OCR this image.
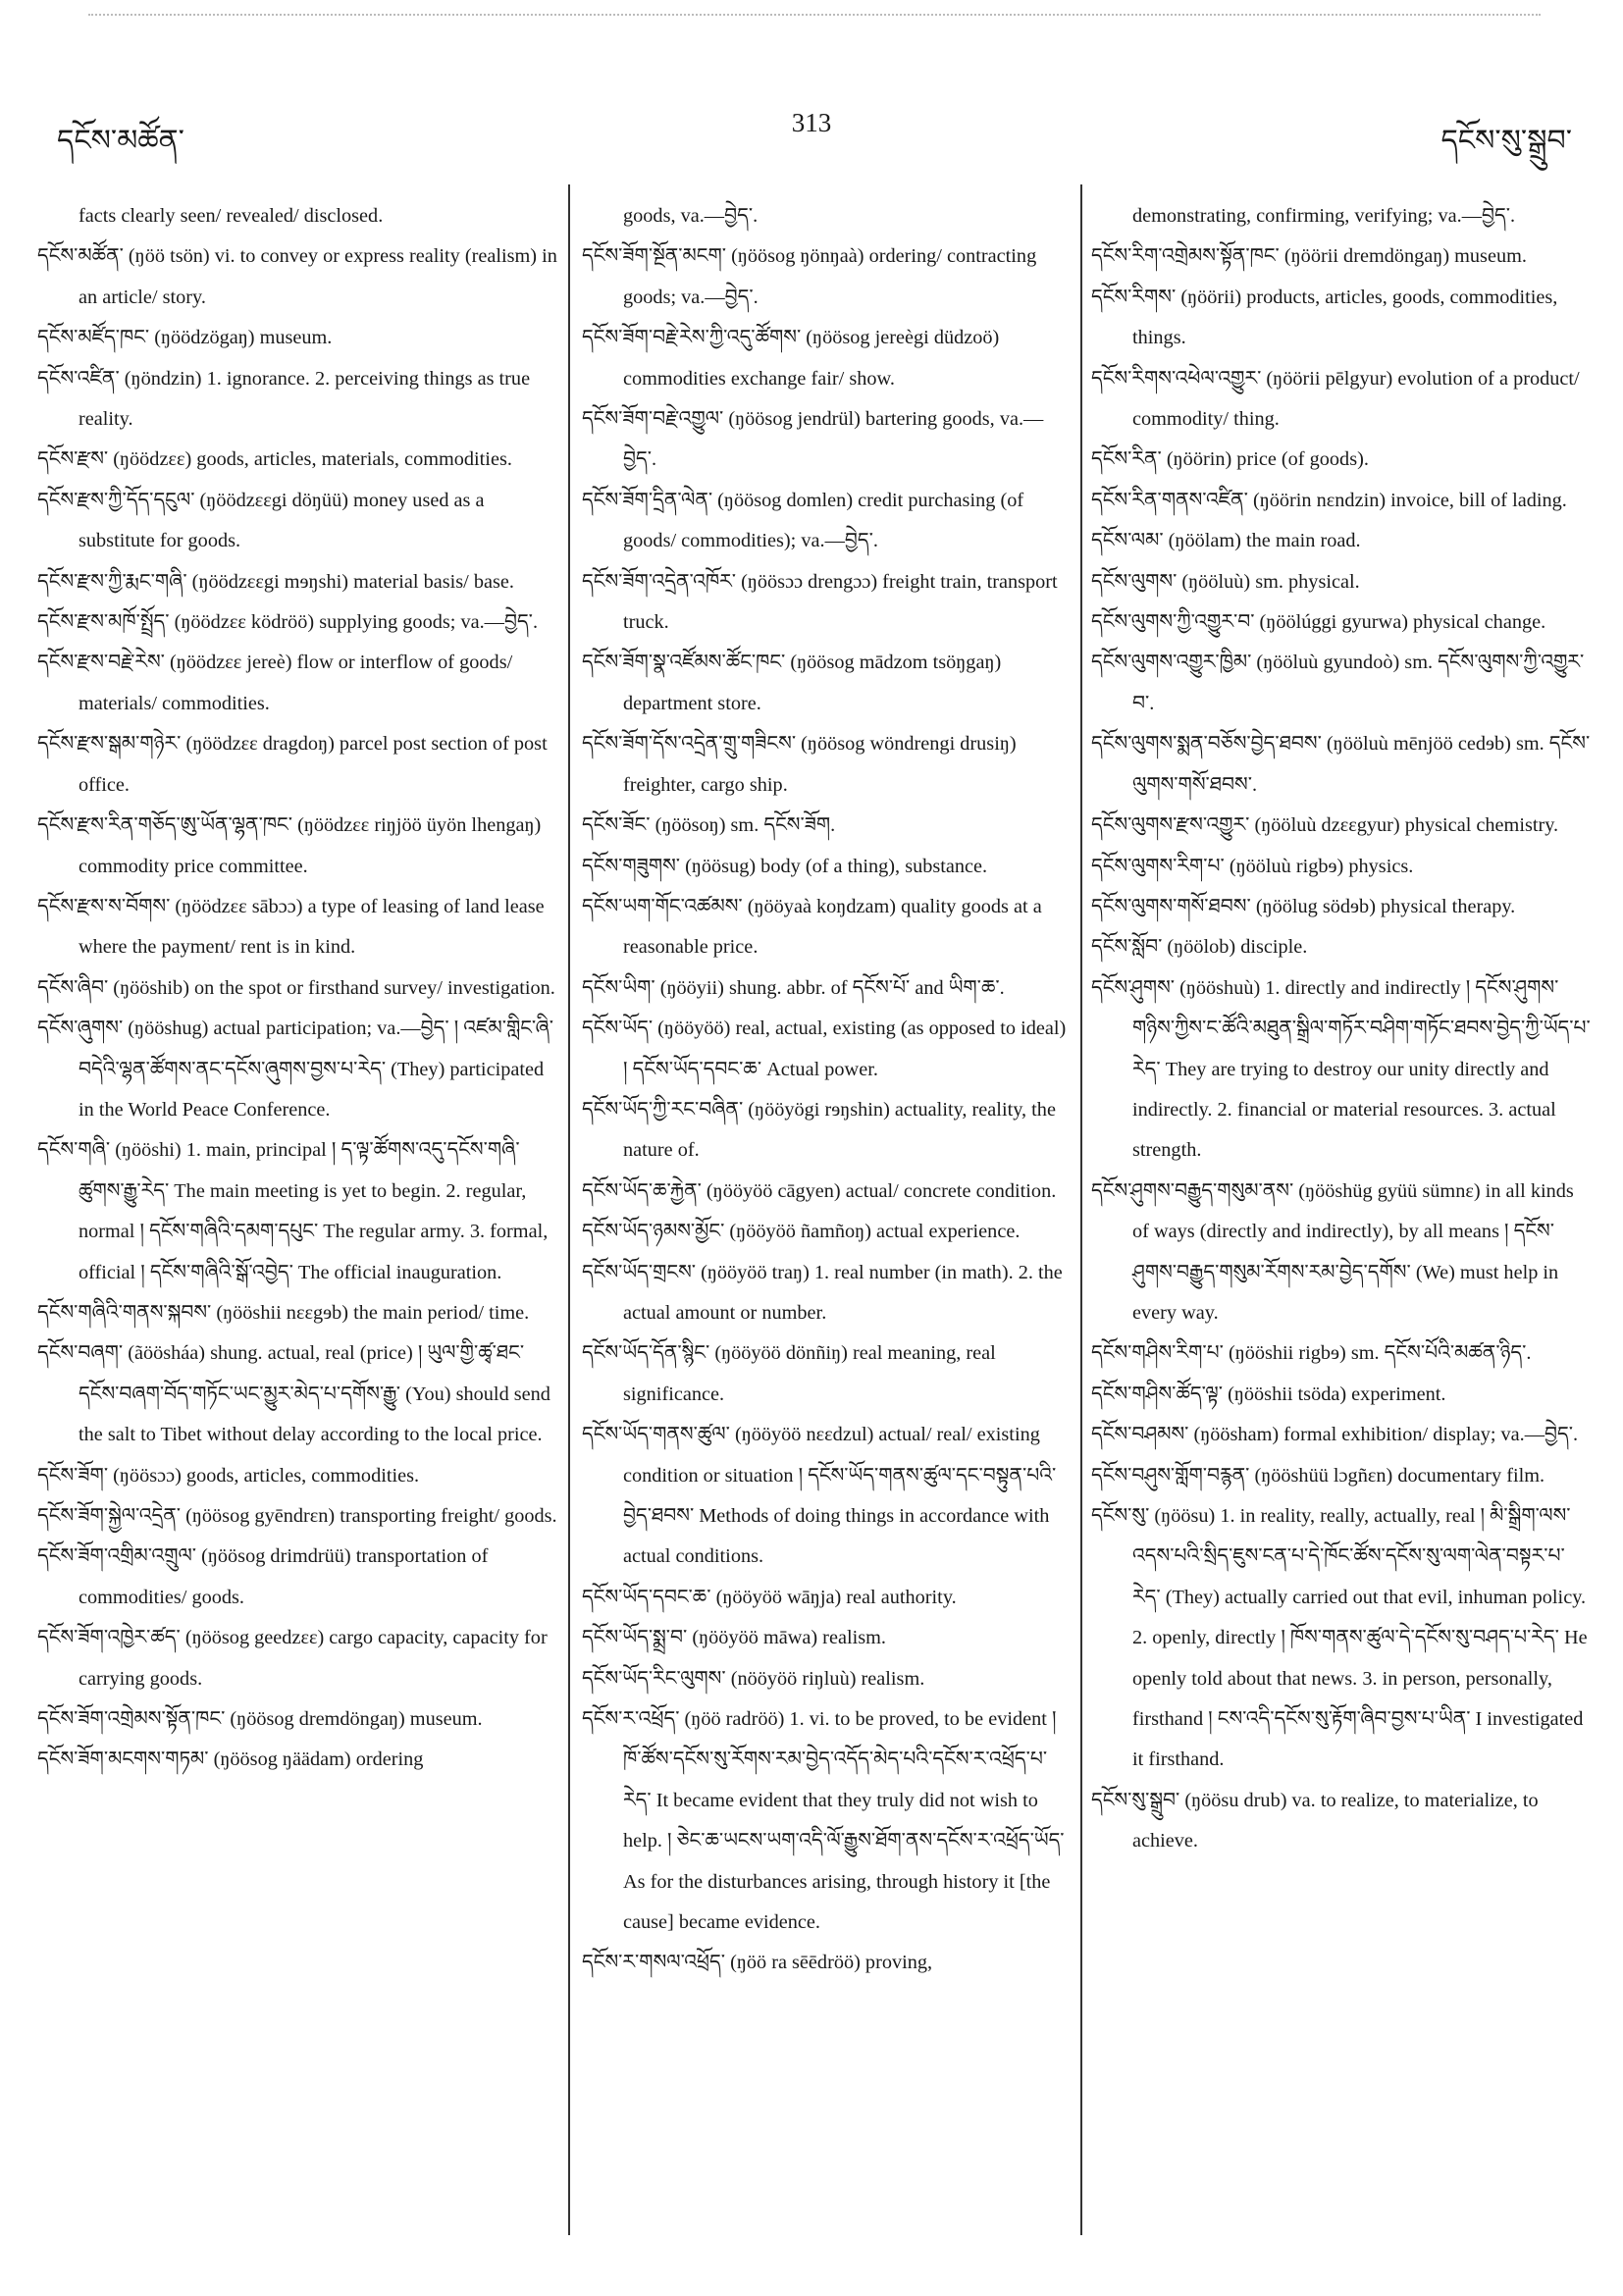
དངོས་མཚོན་
313
དངོས་སུ་སྒྲུབ་

facts clearly seen/ revealed/ disclosed.

དངོས་མཚོན་ (ŋöö tsön) vi. to convey or express reality (realism) in an article/ story.

དངོས་མཛོད་ཁང་ (ŋöödzögaŋ) museum.

དངོས་འཛིན་ (ŋöndzin) 1. ignorance. 2. perceiving things as true reality.

དངོས་རྫས་ (ŋöödzɛɛ) goods, articles, materials, commodities.

དངོས་རྫས་ཀྱི་དོད་དངུལ་ (ŋöödzɛɛgi döŋüü) money used as a substitute for goods.

དངོས་རྫས་ཀྱི་རྨང་གཞི་ (ŋöödzɛɛgi mɘŋshi) material basis/ base.

དངོས་རྫས་མཁོ་སྤྲོད་ (ŋöödzɛɛ ködröö) supplying goods; va.—བྱེད་.

དངོས་རྫས་བརྗེ་རེས་ (ŋöödzɛɛ jereè) flow or interflow of goods/ materials/ commodities.

དངོས་རྫས་སྒམ་གཉེར་ (ŋöödzɛɛ dragdoŋ) parcel post section of post office.

དངོས་རྫས་རིན་གཅོད་ཨུ་ཡོན་ལྷན་ཁང་ (ŋöödzɛɛ riŋjöö üyön lhengaŋ) commodity price committee.

དངོས་རྫས་ས་བོགས་ (ŋöödzɛɛ sābɔɔ) a type of leasing of land lease where the payment/ rent is in kind.

དངོས་ཞིབ་ (ŋööshib) on the spot or firsthand survey/ investigation.

དངོས་ཞུགས་ (ŋööshug) actual participation; va.—བྱེད་ ། འཛམ་གླིང་ཞི་བདེའི་ལྷན་ཚོགས་ནང་དངོས་ཞུགས་བྱས་པ་རེད་ (They) participated in the World Peace Conference.

དངོས་གཞི་ (ŋööshi) 1. main, principal ། ད་ལྟ་ཚོགས་འདུ་དངོས་གཞི་ཚུགས་རྒྱུ་རེད་ The main meeting is yet to begin. 2. regular, normal ། དངོས་གཞིའི་དམག་དཔུང་ The regular army. 3. formal, official ། དངོས་གཞིའི་སྒོ་འབྱེད་ The official inauguration.

དངོས་གཞིའི་གནས་སྐབས་ (ŋööshii nɛɛgɘb) the main period/ time.

དངོས་བཞག་ (ãöösháa) shung. actual, real (price) ། ཡུལ་གྱི་ཚྭ་ཐང་དངོས་བཞག་བོད་གཏོང་ཡང་མྱུར་མེད་པ་དགོས་རྒྱུ་ (You) should send the salt to Tibet without delay according to the local price.

དངོས་ཟོག་ (ŋöösɔɔ) goods, articles, commodities.

དངོས་ཟོག་སྐྱེལ་འདྲེན་ (ŋöösog gyēndrɛn) transporting freight/ goods.

དངོས་ཟོག་འགྲིམ་འགྲུལ་ (ŋöösog drimdrüü) transportation of commodities/ goods.

དངོས་ཟོག་འཁྱེར་ཚད་ (ŋöösog geedzɛɛ) cargo capacity, capacity for carrying goods.

དངོས་ཟོག་འགྲེམས་སྟོན་ཁང་ (ŋöösog dremdöngaŋ) museum.

དངོས་ཟོག་མངགས་གཏམ་ (ŋöösog ŋäädam) ordering

goods, va.—བྱེད་.

དངོས་ཟོག་སྔོན་མངག་ (ŋöösog ŋönŋaà) ordering/ contracting goods; va.—བྱེད་.

དངོས་ཟོག་བརྗེ་རེས་ཀྱི་འདུ་ཚོགས་ (ŋöösog jereègi düdzoö) commodities exchange fair/ show.

དངོས་ཟོག་བརྗེ་འགྱུལ་ (ŋöösog jendrül) bartering goods, va.—བྱེད་.

དངོས་ཟོག་དྲིན་ལེན་ (ŋöösog domlen) credit purchasing (of goods/ commodities); va.—བྱེད་.

དངོས་ཟོག་འདྲེན་འཁོར་ (ŋöösɔɔ drengɔɔ) freight train, transport truck.

དངོས་ཟོག་སྣ་འཛོམས་ཚོང་ཁང་ (ŋöösog mādzom tsöŋgaŋ) department store.

དངོས་ཟོག་དོས་འདྲེན་གྲུ་གཟིངས་ (ŋöösog wöndrengi drusiŋ) freighter, cargo ship.

དངོས་ཟོང་ (ŋöösoŋ) sm. དངོས་ཟོག.

དངོས་གཟུགས་ (ŋöösug) body (of a thing), substance.

དངོས་ཡག་གོང་འཚམས་ (ŋööyaà koŋdzam) quality goods at a reasonable price.

དངོས་ཡིག་ (ŋööyii) shung. abbr. of དངོས་པོ་ and ཡིག་ཆ་.

དངོས་ཡོད་ (ŋööyöö) real, actual, existing (as opposed to ideal) ། དངོས་ཡོད་དབང་ཆ་ Actual power.

དངོས་ཡོད་ཀྱི་རང་བཞིན་ (ŋööyögi rɘŋshin) actuality, reality, the nature of.

དངོས་ཡོད་ཆ་རྐྱེན་ (ŋööyöö cāgyen) actual/ concrete condition.

དངོས་ཡོད་ཉམས་མྱོང་ (ŋööyöö ñamñoŋ) actual experience.

དངོས་ཡོད་གྲངས་ (ŋööyöö traŋ) 1. real number (in math). 2. the actual amount or number.

དངོས་ཡོད་དོན་སྙིང་ (ŋööyöö dönñiŋ) real meaning, real significance.

དངོས་ཡོད་གནས་ཚུལ་ (ŋööyöö nɛɛdzul) actual/ real/ existing condition or situation ། དངོས་ཡོད་གནས་ཚུལ་དང་བསྟུན་པའི་བྱེད་ཐབས་ Methods of doing things in accordance with actual conditions.

དངོས་ཡོད་དབང་ཆ་ (ŋööyöö wāŋja) real authority.

དངོས་ཡོད་སྨྲ་བ་ (ŋööyöö māwa) realism.

དངོས་ཡོད་རིང་ལུགས་ (nööyöö riŋluù) realism.

དངོས་ར་འཕྲོད་ (ŋöö radröö) 1. vi. to be proved, to be evident ། ཁོ་ཚོས་དངོས་སུ་རོགས་རམ་བྱེད་འདོད་མེད་པའི་དངོས་ར་འཕྲོད་པ་རེད་ It became evident that they truly did not wish to help. ། ཅེང་ཆ་ཡངས་ཡག་འདི་ལོ་རྒྱུས་ཐོག་ནས་དངོས་ར་འཕྲོད་ཡོད་ As for the disturbances arising, through history it [the cause] became evidence.

དངོས་ར་གསལ་འཕྲོད་ (ŋöö ra sēēdröö) proving,

demonstrating, confirming, verifying; va.—བྱེད་.

དངོས་རིག་འགྲེམས་སྟོན་ཁང་ (ŋöörii dremdöngaŋ) museum.

དངོས་རིགས་ (ŋöörii) products, articles, goods, commodities, things.

དངོས་རིགས་འཕེལ་འགྱུར་ (ŋöörii pēlgyur) evolution of a product/ commodity/ thing.

དངོས་རིན་ (ŋöörin) price (of goods).

དངོས་རིན་གནས་འཛིན་ (ŋöörin nɛndzin) invoice, bill of lading.

དངོས་ལམ་ (ŋöölam) the main road.

དངོས་ལུགས་ (ŋööluù) sm. physical.

དངོས་ལུགས་ཀྱི་འགྱུར་བ་ (ŋöölúggi gyurwa) physical change.

དངོས་ལུགས་འགྱུར་ཁྱིམ་ (ŋööluù gyundoò) sm. དངོས་ལུགས་ཀྱི་འགྱུར་བ་.

དངོས་ལུགས་སྨན་བཅོས་བྱེད་ཐབས་ (ŋööluù mēnjöö cedɘb) sm. དངོས་ལུགས་གསོ་ཐབས་.

དངོས་ལུགས་རྫས་འགྱུར་ (ŋööluù dzɛɛgyur) physical chemistry.

དངོས་ལུགས་རིག་པ་ (ŋööluù rigbɘ) physics.

དངོས་ལུགས་གསོ་ཐབས་ (ŋöölug södɘb) physical therapy.

དངོས་སློབ་ (ŋöölob) disciple.

དངོས་ཤུགས་ (ŋööshuù) 1. directly and indirectly ། དངོས་ཤུགས་གཉིས་ཀྱིས་ང་ཚོའི་མཐུན་སྒྲིལ་གཏོར་བཤིག་གཏོང་ཐབས་བྱེད་ཀྱི་ཡོད་པ་རེད་ They are trying to destroy our unity directly and indirectly. 2. financial or material resources. 3. actual strength.

དངོས་ཤུགས་བརྒྱུད་གསུམ་ནས་ (ŋööshüg gyüü sümnɛ) in all kinds of ways (directly and indirectly), by all means ། དངོས་ཤུགས་བརྒྱུད་གསུམ་རོགས་རམ་བྱེད་དགོས་ (We) must help in every way.

དངོས་གཤིས་རིག་པ་ (ŋööshii rigbɘ) sm. དངོས་པོའི་མཚན་ཉིད་.

དངོས་གཤིས་ཚོད་ལྟ་ (ŋööshii tsöda) experiment.

དངོས་བཤམས་ (ŋöösham) formal exhibition/ display; va.—བྱེད་.

དངོས་བཤུས་གློག་བརྙན་ (ŋööshüü lɔgñɛn) documentary film.

དངོས་སུ་ (ŋöösu) 1. in reality, really, actually, real ། མི་སྒྲིག་ལས་འདས་པའི་སྲིད་ཇུས་ངན་པ་དེ་ཁོང་ཚོས་དངོས་སུ་ལག་ལེན་བསྟར་པ་རེད་ (They) actually carried out that evil, inhuman policy. 2. openly, directly ། ཁོས་གནས་ཚུལ་དེ་དངོས་སུ་བཤད་པ་རེད་ He openly told about that news. 3. in person, personally, firsthand ། ངས་འདི་དངོས་སུ་རྟོག་ཞིབ་བྱས་པ་ཡིན་ I investigated it firsthand.

དངོས་སུ་སྒྲུབ་ (ŋöösu drub) va. to realize, to materialize, to achieve.
